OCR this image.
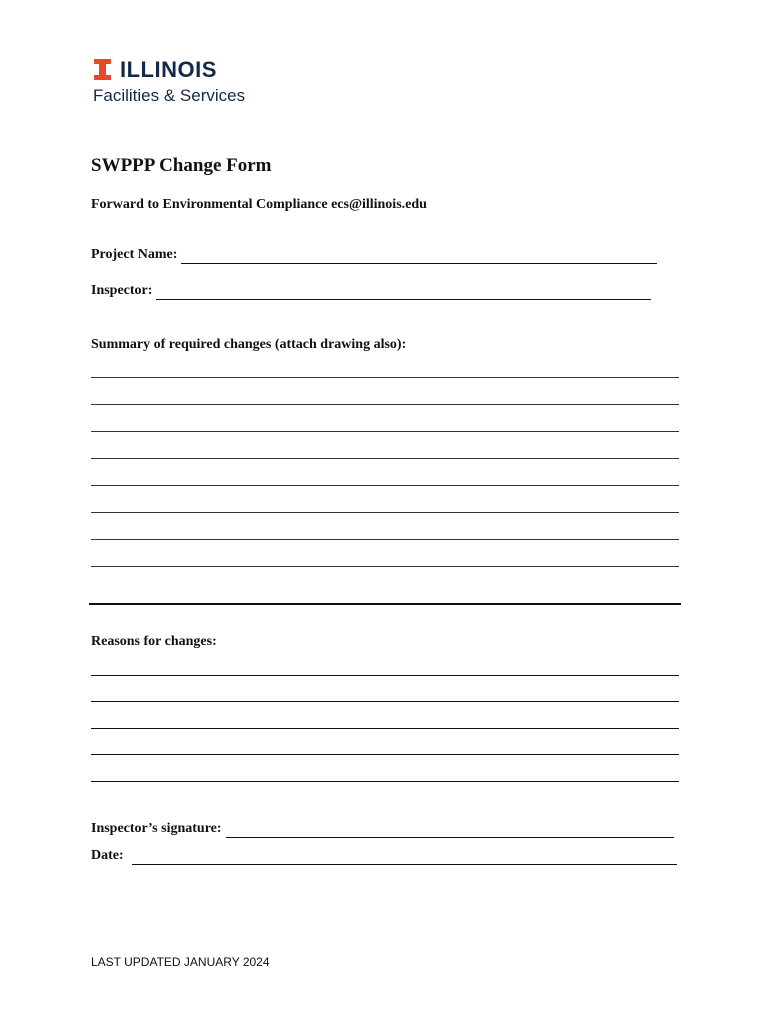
ILLINOIS
Facilities & Services
SWPPP Change Form
Forward to Environmental Compliance ecs@illinois.edu
Project Name:
Inspector:
Summary of required changes (attach drawing also):
Reasons for changes:
Inspector’s signature:
Date:
LAST UPDATED JANUARY 2024
